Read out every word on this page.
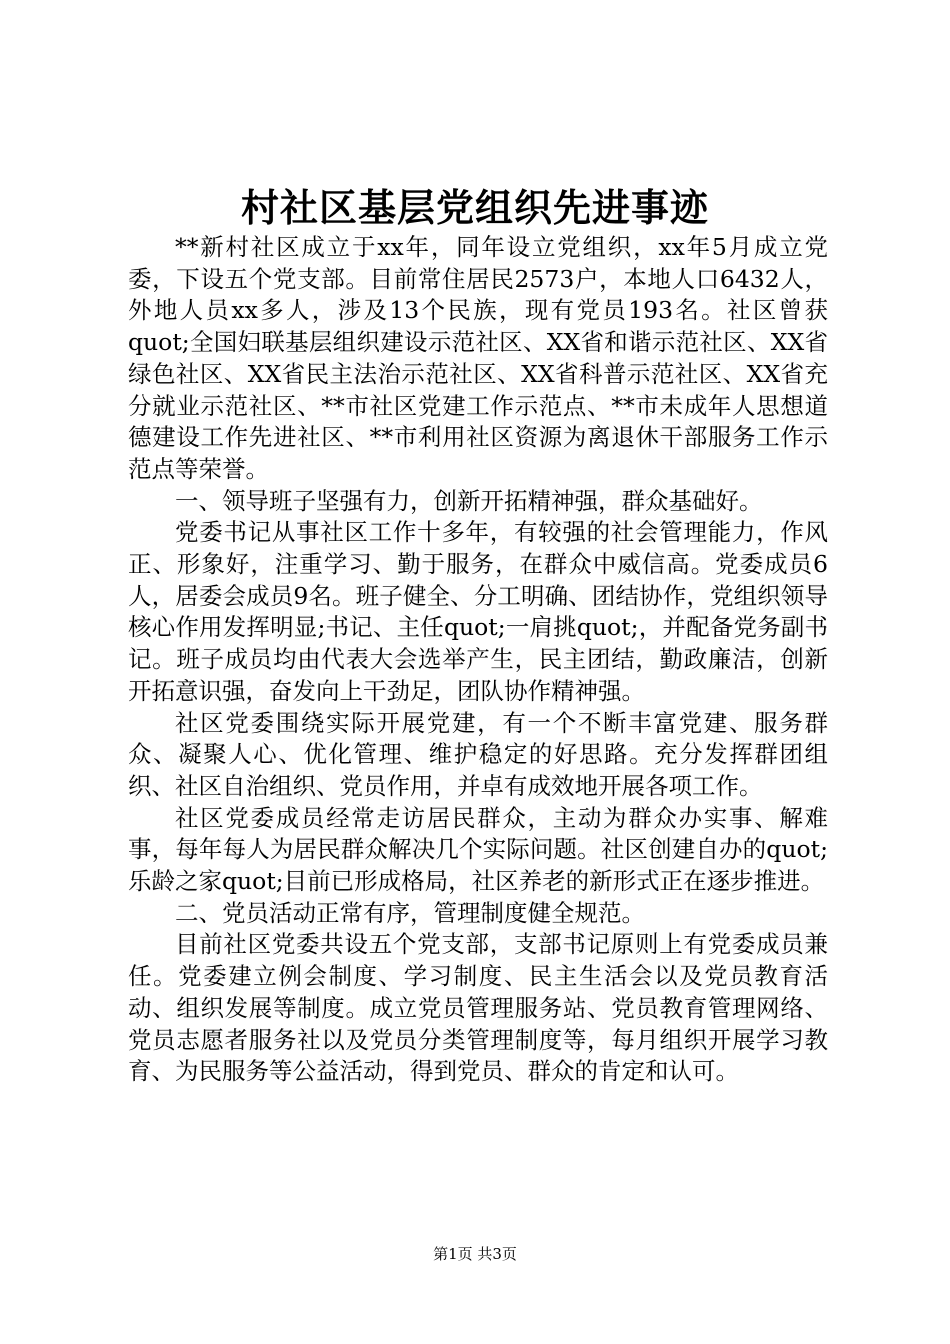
村社区基层党组织先进事迹

**新村社区成立于xx年，同年设立党组织，xx年5月成立党委，下设五个党支部。目前常住居民2573户，本地人口6432人，外地人员xx多人，涉及13个民族，现有党员193名。社区曾获quot;全国妇联基层组织建设示范社区、XX省和谐示范社区、XX省绿色社区、XX省民主法治示范社区、XX省科普示范社区、XX省充分就业示范社区、**市社区党建工作示范点、**市未成年人思想道德建设工作先进社区、**市利用社区资源为离退休干部服务工作示范点等荣誉。

一、领导班子坚强有力，创新开拓精神强，群众基础好。

党委书记从事社区工作十多年，有较强的社会管理能力，作风正、形象好，注重学习、勤于服务，在群众中威信高。党委成员6人，居委会成员9名。班子健全、分工明确、团结协作，党组织领导核心作用发挥明显;书记、主任quot;一肩挑quot;，并配备党务副书记。班子成员均由代表大会选举产生，民主团结，勤政廉洁，创新开拓意识强，奋发向上干劲足，团队协作精神强。

社区党委围绕实际开展党建，有一个不断丰富党建、服务群众、凝聚人心、优化管理、维护稳定的好思路。充分发挥群团组织、社区自治组织、党员作用，并卓有成效地开展各项工作。

社区党委成员经常走访居民群众，主动为群众办实事、解难事，每年每人为居民群众解决几个实际问题。社区创建自办的quot;乐龄之家quot;目前已形成格局，社区养老的新形式正在逐步推进。

二、党员活动正常有序，管理制度健全规范。

目前社区党委共设五个党支部，支部书记原则上有党委成员兼任。党委建立例会制度、学习制度、民主生活会以及党员教育活动、组织发展等制度。成立党员管理服务站、党员教育管理网络、党员志愿者服务社以及党员分类管理制度等，每月组织开展学习教育、为民服务等公益活动，得到党员、群众的肯定和认可。

第1页 共3页
